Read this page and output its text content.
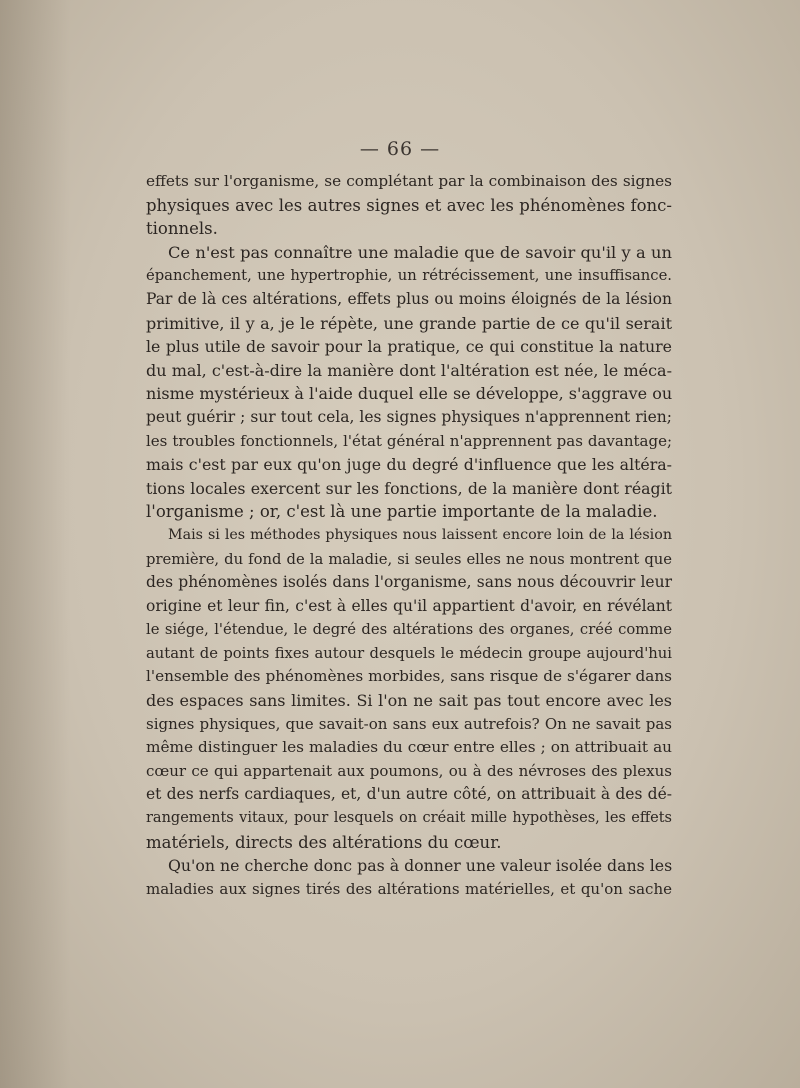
— 66 —
effets sur l'organisme, se complétant par la combinaison des signes
physiques avec les autres signes et avec les phénomènes fonc-
tionnels.
Ce n'est pas connaître une maladie que de savoir qu'il y a un
épanchement, une hypertrophie, un rétrécissement, une insuffisance.
Par de là ces altérations, effets plus ou moins éloignés de la lésion
primitive, il y a, je le répète, une grande partie de ce qu'il serait
le plus utile de savoir pour la pratique, ce qui constitue la nature
du mal, c'est-à-dire la manière dont l'altération est née, le méca-
nisme mystérieux à l'aide duquel elle se développe, s'aggrave ou
peut guérir ; sur tout cela, les signes physiques n'apprennent rien;
les troubles fonctionnels, l'état général n'apprennent pas davantage;
mais c'est par eux qu'on juge du degré d'influence que les altéra-
tions locales exercent sur les fonctions, de la manière dont réagit
l'organisme ; or, c'est là une partie importante de la maladie.
Mais si les méthodes physiques nous laissent encore loin de la lésion
première, du fond de la maladie, si seules elles ne nous montrent que
des phénomènes isolés dans l'organisme, sans nous découvrir leur
origine et leur fin, c'est à elles qu'il appartient d'avoir, en révélant
le siége, l'étendue, le degré des altérations des organes, créé comme
autant de points fixes autour desquels le médecin groupe aujourd'hui
l'ensemble des phénomènes morbides, sans risque de s'égarer dans
des espaces sans limites. Si l'on ne sait pas tout encore avec les
signes physiques, que savait-on sans eux autrefois? On ne savait pas
même distinguer les maladies du cœur entre elles ; on attribuait au
cœur ce qui appartenait aux poumons, ou à des névroses des plexus
et des nerfs cardiaques, et, d'un autre côté, on attribuait à des dé-
rangements vitaux, pour lesquels on créait mille hypothèses, les effets
matériels, directs des altérations du cœur.
Qu'on ne cherche donc pas à donner une valeur isolée dans les
maladies aux signes tirés des altérations matérielles, et qu'on sache
